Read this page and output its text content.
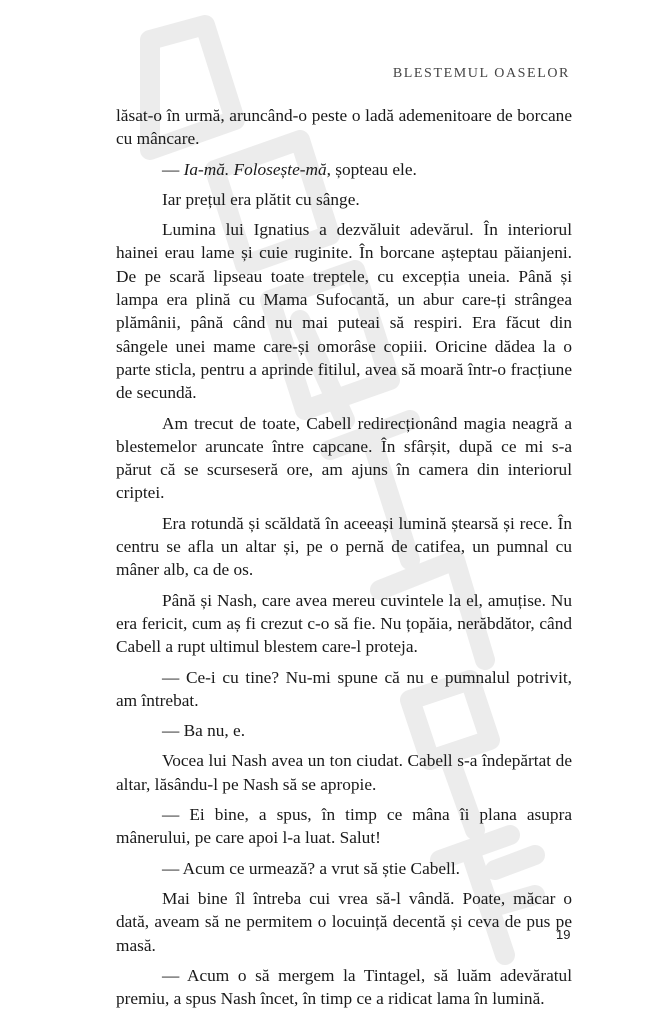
BLESTEMUL OASELOR

lăsat-o în urmă, aruncând-o peste o ladă ademenitoare de borcane cu mâncare.

— Ia-mă. Folosește-mă, șopteau ele.

Iar prețul era plătit cu sânge.

Lumina lui Ignatius a dezvăluit adevărul. În interiorul hainei erau lame și cuie ruginite. În borcane așteptau păianjeni. De pe scară lipseau toate treptele, cu excepția uneia. Până și lampa era plină cu Mama Sufocantă, un abur care-ți strângea plămânii, până când nu mai puteai să respiri. Era făcut din sângele unei mame care-și omorâse copiii. Oricine dădea la o parte sticla, pentru a aprinde fitilul, avea să moară într-o fracțiune de secundă.

Am trecut de toate, Cabell redirecționând magia neagră a blestemelor aruncate între capcane. În sfârșit, după ce mi s-a părut că se scurseseră ore, am ajuns în camera din interiorul criptei.

Era rotundă și scăldată în aceeași lumină ștearsă și rece. În centru se afla un altar și, pe o pernă de catifea, un pumnal cu mâner alb, ca de os.

Până și Nash, care avea mereu cuvintele la el, amuțise. Nu era fericit, cum aș fi crezut c-o să fie. Nu țopăia, nerăbdător, când Cabell a rupt ultimul blestem care-l proteja.

— Ce-i cu tine? Nu-mi spune că nu e pumnalul potrivit, am întrebat.

— Ba nu, e.

Vocea lui Nash avea un ton ciudat. Cabell s-a îndepărtat de altar, lăsându-l pe Nash să se apropie.

— Ei bine, a spus, în timp ce mâna îi plana asupra mânerului, pe care apoi l-a luat. Salut!

— Acum ce urmează? a vrut să știe Cabell.

Mai bine îl întreba cui vrea să-l vândă. Poate, măcar o dată, aveam să ne permitem o locuință decentă și ceva de pus pe masă.

— Acum o să mergem la Tintagel, să luăm adevăratul premiu, a spus Nash încet, în timp ce a ridicat lama în lumină.

19
